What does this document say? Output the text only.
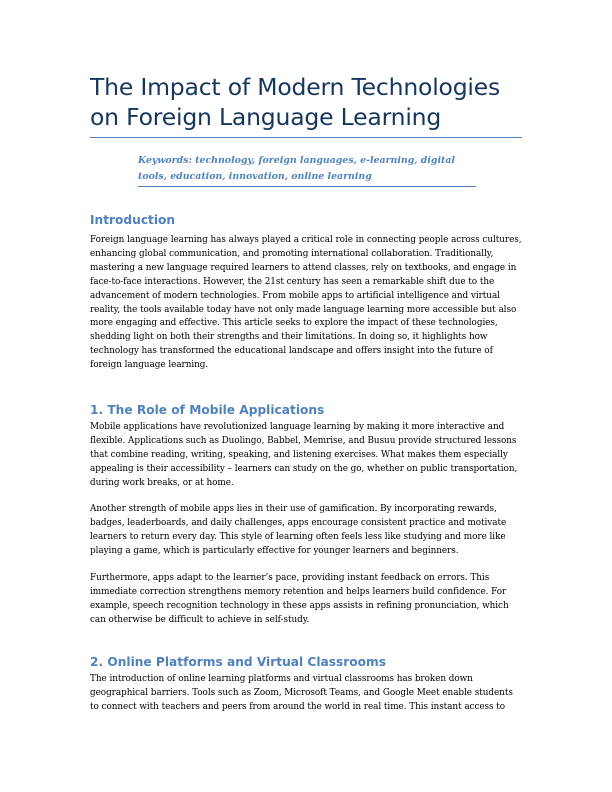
The Impact of Modern Technologies on Foreign Language Learning

Keywords: technology, foreign languages, e-learning, digital tools, education, innovation, online learning

Introduction

Foreign language learning has always played a critical role in connecting people across cultures, enhancing global communication, and promoting international collaboration. Traditionally, mastering a new language required learners to attend classes, rely on textbooks, and engage in face-to-face interactions. However, the 21st century has seen a remarkable shift due to the advancement of modern technologies. From mobile apps to artificial intelligence and virtual reality, the tools available today have not only made language learning more accessible but also more engaging and effective. This article seeks to explore the impact of these technologies, shedding light on both their strengths and their limitations. In doing so, it highlights how technology has transformed the educational landscape and offers insight into the future of foreign language learning.

1. The Role of Mobile Applications

Mobile applications have revolutionized language learning by making it more interactive and flexible. Applications such as Duolingo, Babbel, Memrise, and Busuu provide structured lessons that combine reading, writing, speaking, and listening exercises. What makes them especially appealing is their accessibility – learners can study on the go, whether on public transportation, during work breaks, or at home.

Another strength of mobile apps lies in their use of gamification. By incorporating rewards, badges, leaderboards, and daily challenges, apps encourage consistent practice and motivate learners to return every day. This style of learning often feels less like studying and more like playing a game, which is particularly effective for younger learners and beginners.

Furthermore, apps adapt to the learner’s pace, providing instant feedback on errors. This immediate correction strengthens memory retention and helps learners build confidence. For example, speech recognition technology in these apps assists in refining pronunciation, which can otherwise be difficult to achieve in self-study.

2. Online Platforms and Virtual Classrooms

The introduction of online learning platforms and virtual classrooms has broken down geographical barriers. Tools such as Zoom, Microsoft Teams, and Google Meet enable students to connect with teachers and peers from around the world in real time. This instant access to
